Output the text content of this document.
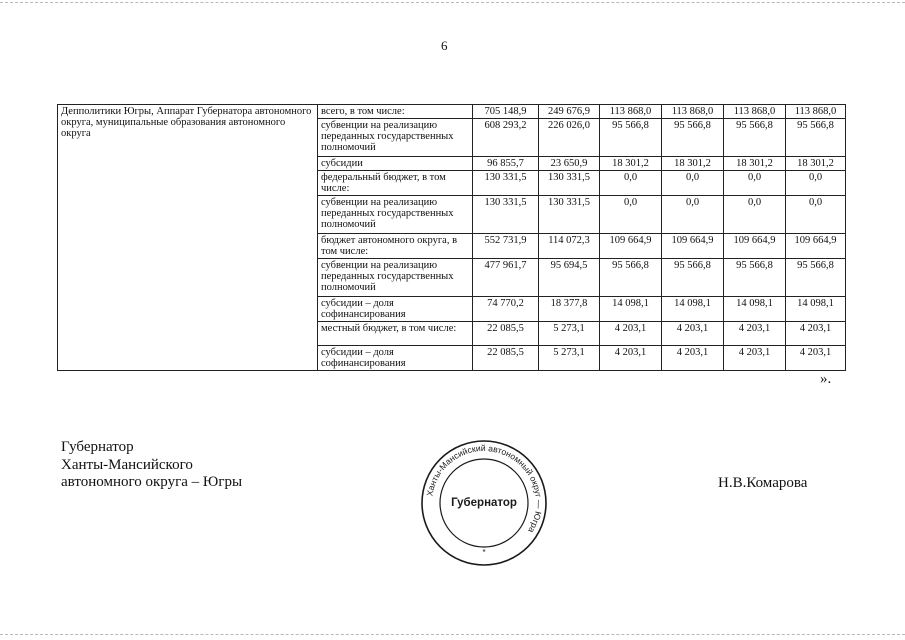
6
Депполитики Югры, Аппарат Губернатора автономного округа, муниципальные образования автономного округа	всего, в том числе:	705 148,9	249 676,9	113 868,0	113 868,0	113 868,0	113 868,0
	субвенции на реализацию переданных государственных полномочий	608 293,2	226 026,0	95 566,8	95 566,8	95 566,8	95 566,8
	субсидии	96 855,7	23 650,9	18 301,2	18 301,2	18 301,2	18 301,2
	федеральный бюджет, в том числе:	130 331,5	130 331,5	0,0	0,0	0,0	0,0
	субвенции на реализацию переданных государственных полномочий	130 331,5	130 331,5	0,0	0,0	0,0	0,0
	бюджет автономного округа, в том числе:	552 731,9	114 072,3	109 664,9	109 664,9	109 664,9	109 664,9
	субвенции на реализацию переданных государственных полномочий	477 961,7	95 694,5	95 566,8	95 566,8	95 566,8	95 566,8
	субсидии – доля софинансирования	74 770,2	18 377,8	14 098,1	14 098,1	14 098,1	14 098,1
	местный бюджет, в том числе:	22 085,5	5 273,1	4 203,1	4 203,1	4 203,1	4 203,1
	субсидии – доля софинансирования	22 085,5	5 273,1	4 203,1	4 203,1	4 203,1	4 203,1
».
Губернатор
Ханты-Мансийского
автономного округа – Югры
Ханты-Мансийский автономный округ — Югра
Губернатор
*
Н.В.Комарова
